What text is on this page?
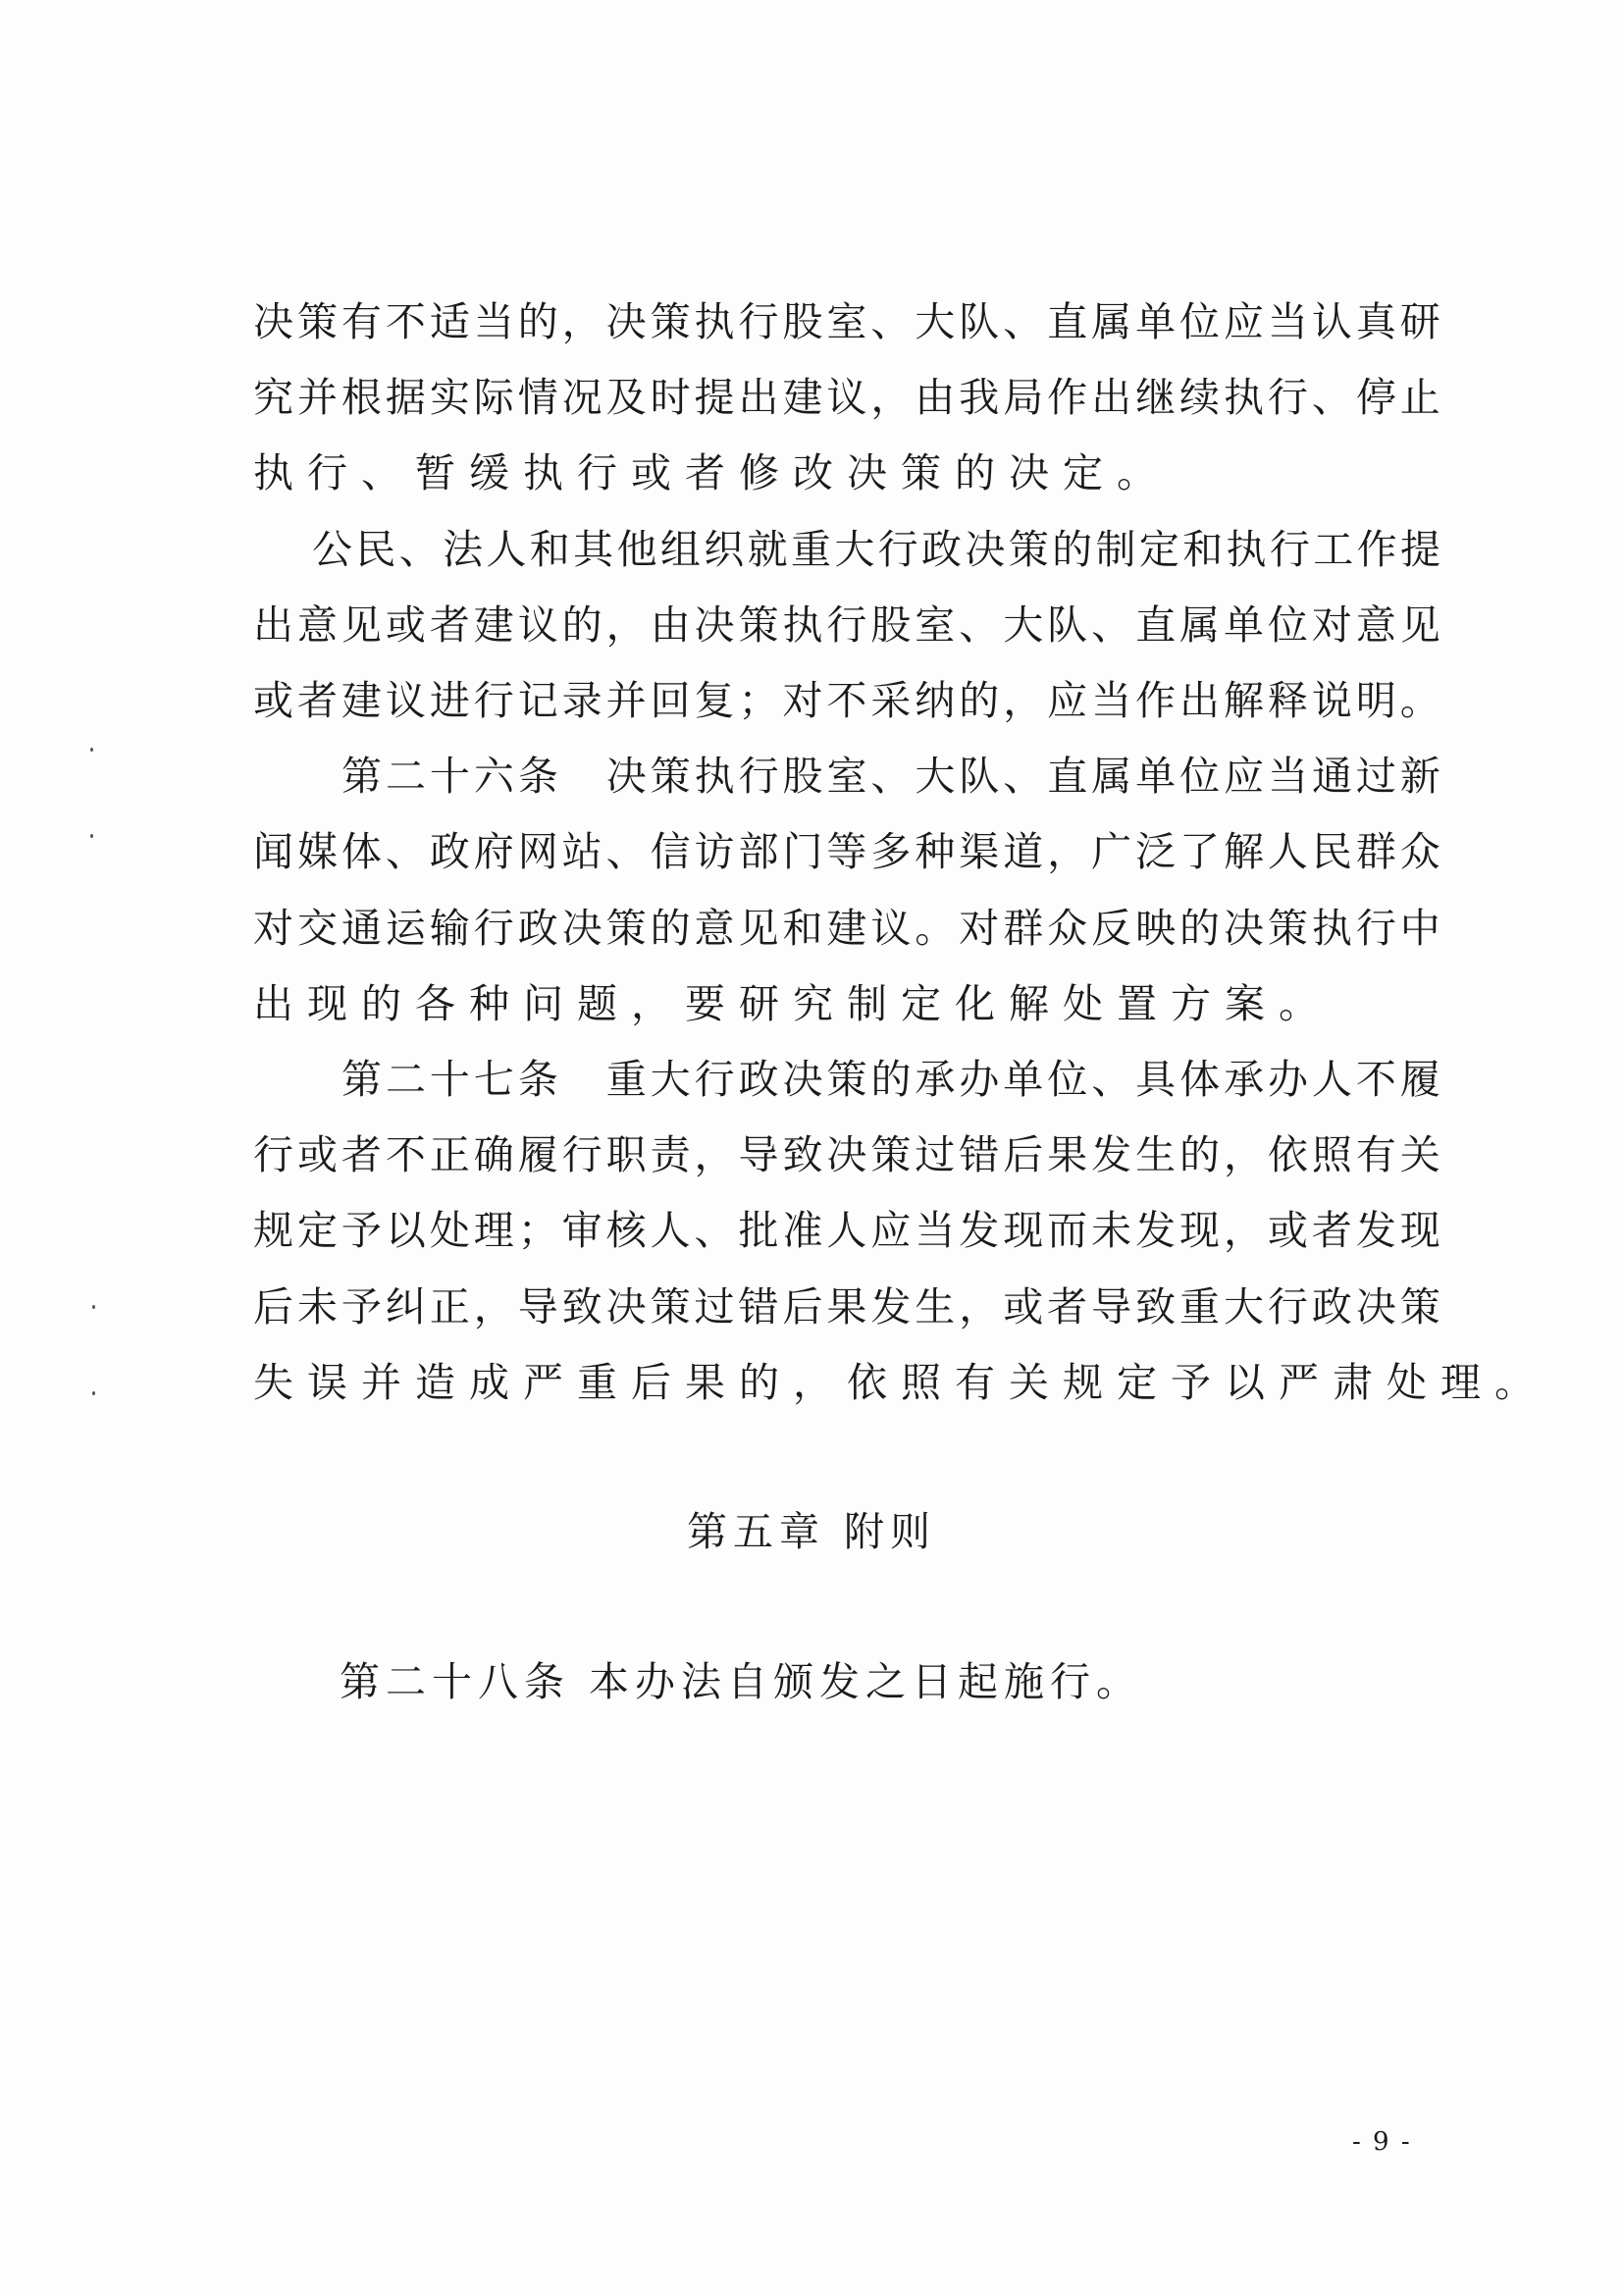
决 策 有 不 适 当 的 ， 决 策 执 行 股 室 、 大 队 、 直 属 单 位 应 当 认 真 研
究 并 根 据 实 际 情 况 及 时 提 出 建 议 ， 由 我 局 作 出 继 续 执 行 、 停 止
执行、暂缓执行或者修改决策的决定。
公 民 、 法 人 和 其 他 组 织 就 重 大 行 政 决 策 的 制 定 和 执 行 工 作 提
出 意 见 或 者 建 议 的 ， 由 决 策 执 行 股 室 、 大 队 、 直 属 单 位 对 意 见
或 者 建 议 进 行 记 录 并 回 复 ； 对 不 采 纳 的 ， 应 当 作 出 解 释 说 明 。
第 二 十 六 条
　 决 策 执 行 股 室 、 大 队 、 直 属 单 位 应 当 通 过 新
闻 媒 体 、 政 府 网 站 、 信 访 部 门 等 多 种 渠 道 ， 广 泛 了 解 人 民 群 众
对 交 通 运 输 行 政 决 策 的 意 见 和 建 议 。 对 群 众 反 映 的 决 策 执 行 中
出现的各种问题，要研究制定化解处置方案。
第 二 十 七 条
　 重 大 行 政 决 策 的 承 办 单 位 、 具 体 承 办 人 不 履
行 或 者 不 正 确 履 行 职 责 ， 导 致 决 策 过 错 后 果 发 生 的 ， 依 照 有 关
规 定 予 以 处 理 ； 审 核 人 、 批 准 人 应 当 发 现 而 未 发 现 ， 或 者 发 现
后 未 予 纠 正 ， 导 致 决 策 过 错 后 果 发 生 ， 或 者 导 致 重 大 行 政 决 策
失误并造成严重后果的，依照有关规定予以严肃处理。
第五章 附则
第二十八条 本办法自颁发之日起施行。
- 9 -
